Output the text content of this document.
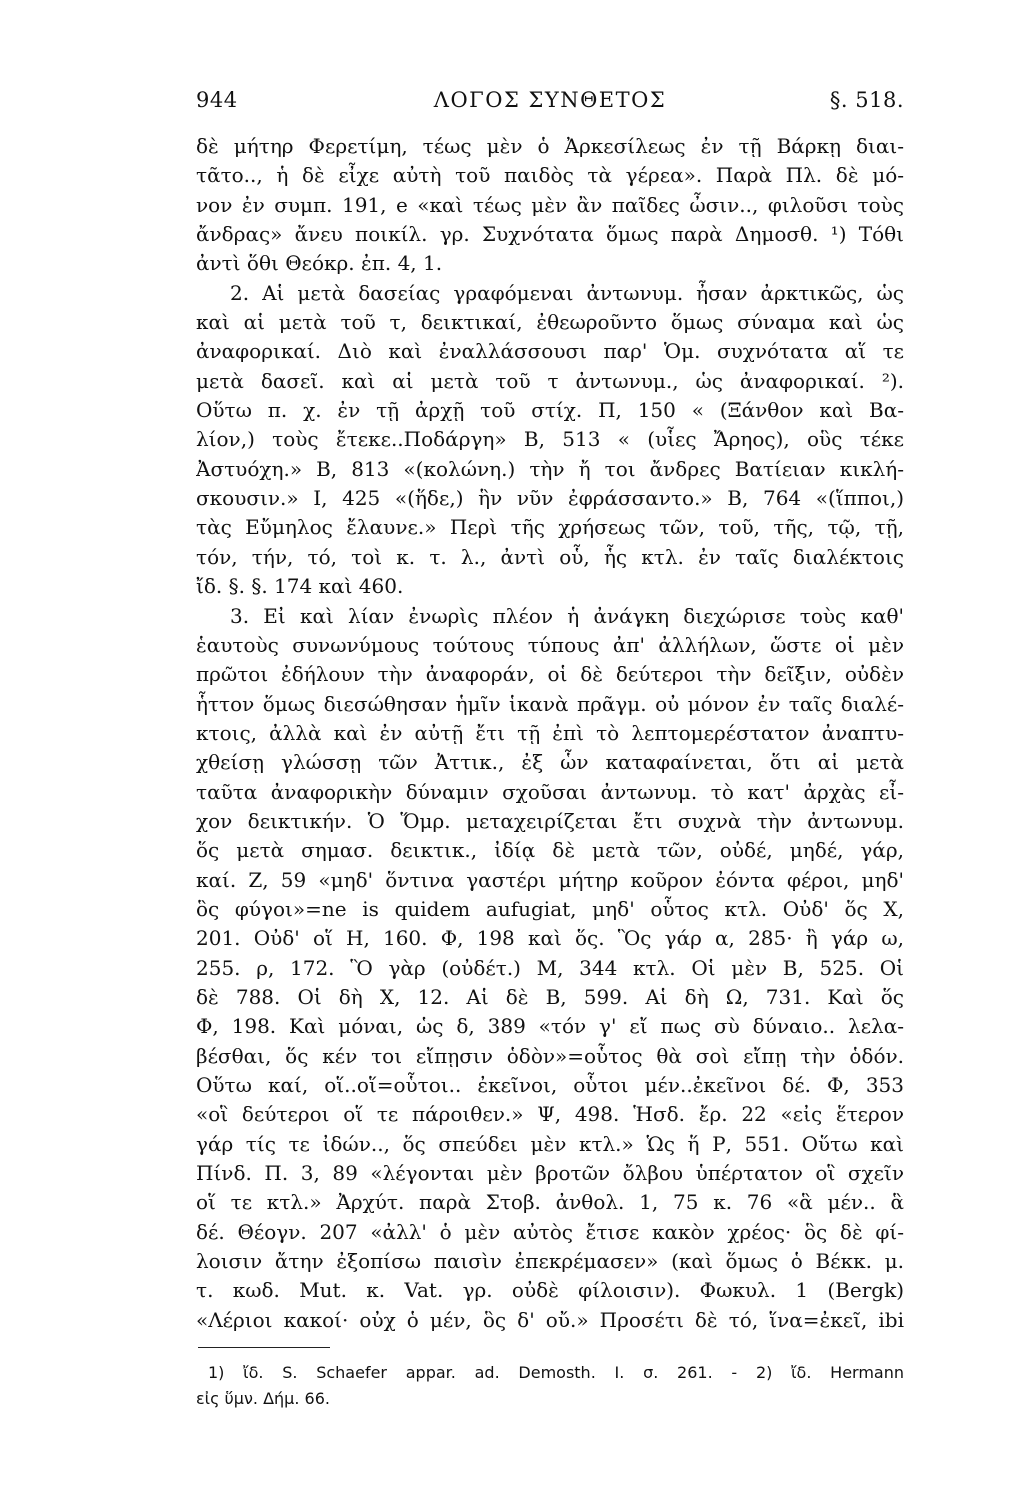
944	ΛΟΓΟΣ ΣΥΝΘΕΤΟΣ	§. 518.
δὲ μήτηρ Φερετίμη, τέως μὲν ὁ Ἀρκεσίλεως ἐν τῇ Βάρκῃ διαι-
τᾶτο.., ἡ δὲ εἶχε αὐτὴ τοῦ παιδὸς τὰ γέρεα». Παρὰ Πλ. δὲ μό-
νον ἐν συμπ. 191, e «καὶ τέως μὲν ἂν παῖδες ὦσιν.., φιλοῦσι τοὺς
ἄνδρας» ἄνευ ποικίλ. γρ. Συχνότατα ὅμως παρὰ Δημοσθ. ¹) Τόθι
ἀντὶ ὅθι Θεόκρ. ἐπ. 4, 1.
2. Αἱ μετὰ δασείας γραφόμεναι ἀντωνυμ. ἦσαν ἀρκτικῶς, ὡς
καὶ αἱ μετὰ τοῦ τ, δεικτικαί, ἐθεωροῦντο ὅμως σύναμα καὶ ὡς
ἀναφορικαί. Διὸ καὶ ἐναλλάσσουσι παρ' Ὁμ. συχνότατα αἵ τε
μετὰ δασεῖ. καὶ αἱ μετὰ τοῦ τ ἀντωνυμ., ὡς ἀναφορικαί. ²).
Οὕτω π. χ. ἐν τῇ ἀρχῇ τοῦ στίχ. Π, 150 « (Ξάνθον καὶ Βα-
λίον,) τοὺς ἔτεκε..Ποδάργη» Β, 513 « (υἷες Ἄρηος), οὓς τέκε
Ἀστυόχη.» Β, 813 «(κολώνη.) τὴν ἤ τοι ἄνδρες Βατίειαν κικλή-
σκουσιν.» Ι, 425 «(ἥδε,) ἣν νῦν ἐφράσσαντο.» Β, 764 «(ἵπποι,)
τὰς Εὔμηλος ἔλαυνε.» Περὶ τῆς χρήσεως τῶν, τοῦ, τῆς, τῷ, τῇ,
τόν, τήν, τό, τοὶ κ. τ. λ., ἀντὶ οὗ, ἧς κτλ. ἐν ταῖς διαλέκτοις
ἴδ. §. §. 174 καὶ 460.
3. Εἰ καὶ λίαν ἐνωρὶς πλέον ἡ ἀνάγκη διεχώρισε τοὺς καθ'
ἑαυτοὺς συνωνύμους τούτους τύπους ἀπ' ἀλλήλων, ὥστε οἱ μὲν
πρῶτοι ἐδήλουν τὴν ἀναφοράν, οἱ δὲ δεύτεροι τὴν δεῖξιν, οὐδὲν
ἧττον ὅμως διεσώθησαν ἡμῖν ἱκανὰ πρᾶγμ. οὐ μόνον ἐν ταῖς διαλέ-
κτοις, ἀλλὰ καὶ ἐν αὐτῇ ἔτι τῇ ἐπὶ τὸ λεπτομερέστατον ἀναπτυ-
χθείσῃ γλώσσῃ τῶν Ἀττικ., ἐξ ὧν καταφαίνεται, ὅτι αἱ μετὰ
ταῦτα ἀναφορικὴν δύναμιν σχοῦσαι ἀντωνυμ. τὸ κατ' ἀρχὰς εἶ-
χον δεικτικήν. Ὁ Ὅμρ. μεταχειρίζεται ἔτι συχνὰ τὴν ἀντωνυμ.
ὅς μετὰ σημασ. δεικτικ., ἰδίᾳ δὲ μετὰ τῶν, οὐδέ, μηδέ, γάρ,
καί. Ζ, 59 «μηδ' ὅντινα γαστέρι μήτηρ κοῦρον ἐόντα φέροι, μηδ'
ὃς φύγοι»=ne is quidem aufugiat, μηδ' οὗτος κτλ. Οὐδ' ὅς Χ,
201. Οὐδ' οἵ Η, 160. Φ, 198 καὶ ὅς. Ὃς γάρ α, 285· ἢ γάρ ω,
255. ρ, 172. Ὃ γὰρ (οὐδέτ.) Μ, 344 κτλ. Οἱ μὲν Β, 525. Οἱ
δὲ 788. Οἱ δὴ Χ, 12. Αἱ δὲ Β, 599. Αἱ δὴ Ω, 731. Καὶ ὅς
Φ, 198. Καὶ μόναι, ὡς δ, 389 «τόν γ' εἴ πως σὺ δύναιο.. λελα-
βέσθαι, ὅς κέν τοι εἴπῃσιν ὁδὸν»=οὗτος θὰ σοὶ εἴπῃ τὴν ὁδόν.
Οὕτω καί, οἵ..οἵ=οὗτοι.. ἐκεῖνοι, οὗτοι μέν..ἐκεῖνοι δέ. Φ, 353
«οἳ δεύτεροι οἵ τε πάροιθεν.» Ψ, 498. Ἡσδ. ἔρ. 22 «εἰς ἕτερον
γάρ τίς τε ἰδών.., ὅς σπεύδει μὲν κτλ.» Ὡς ἥ Ρ, 551. Οὕτω καὶ
Πίνδ. Π. 3, 89 «λέγονται μὲν βροτῶν ὄλβου ὑπέρτατον οἳ σχεῖν
οἵ τε κτλ.» Ἀρχύτ. παρὰ Στοβ. ἀνθολ. 1, 75 κ. 76 «ἃ μέν.. ἃ
δέ. Θέογν. 207 «ἀλλ' ὁ μὲν αὐτὸς ἔτισε κακὸν χρέος· ὃς δὲ φί-
λοισιν ἄτην ἐξοπίσω παισὶν ἐπεκρέμασεν» (καὶ ὅμως ὁ Βέκκ. μ.
τ. κωδ. Mut. κ. Vat. γρ. οὐδὲ φίλοισιν). Φωκυλ. 1 (Bergk)
«Λέριοι κακοί· οὐχ ὁ μέν, ὃς δ' οὔ.» Προσέτι δὲ τό, ἵνα=ἐκεῖ, ibi
1) ἴδ. S. Schaefer appar. ad. Demosth. I. σ. 261. - 2) ἴδ. Hermann
εἰς ὕμν. Δήμ. 66.
